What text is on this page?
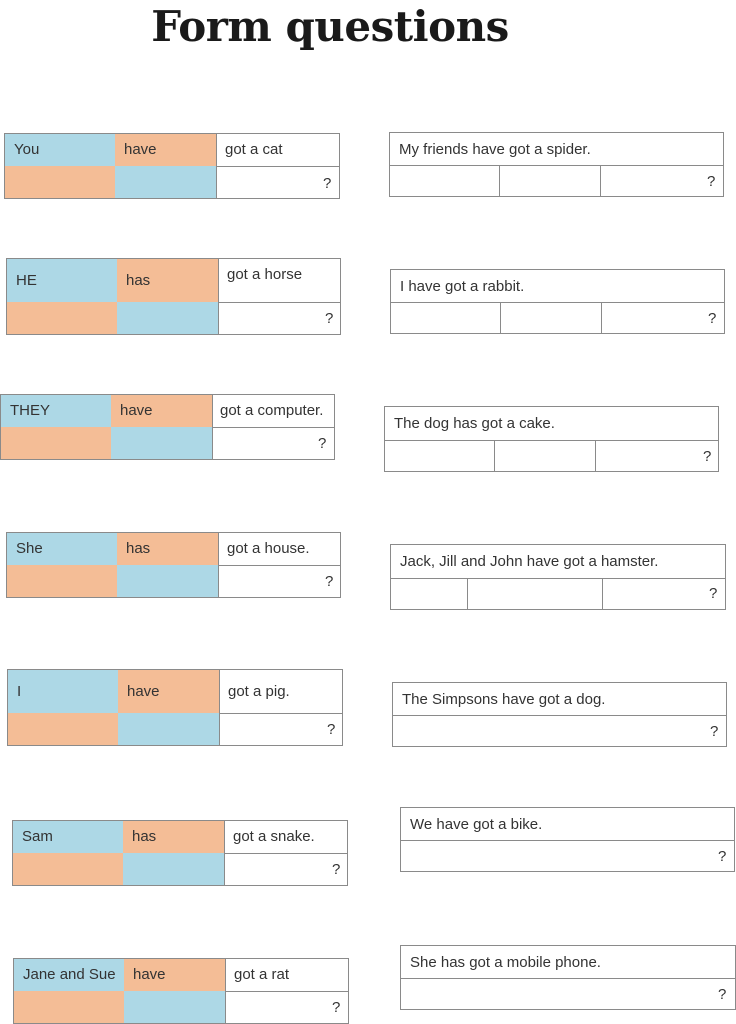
Form questions
You	have	got a cat
?
HE	has	got a horse
?
THEY	have	got a computer.
?
She	has	got a house.
?
I	have	got a pig.
?
Sam	has	got a snake.
?
Jane and Sue	have	got a rat
?
My friends have got a spider.
?
I have got a rabbit.
?
The dog has got a cake.
?
Jack, Jill and John have got a hamster.
?
The Simpsons have got a dog.
?
We have got a bike.
?
She has got a mobile phone.
?
